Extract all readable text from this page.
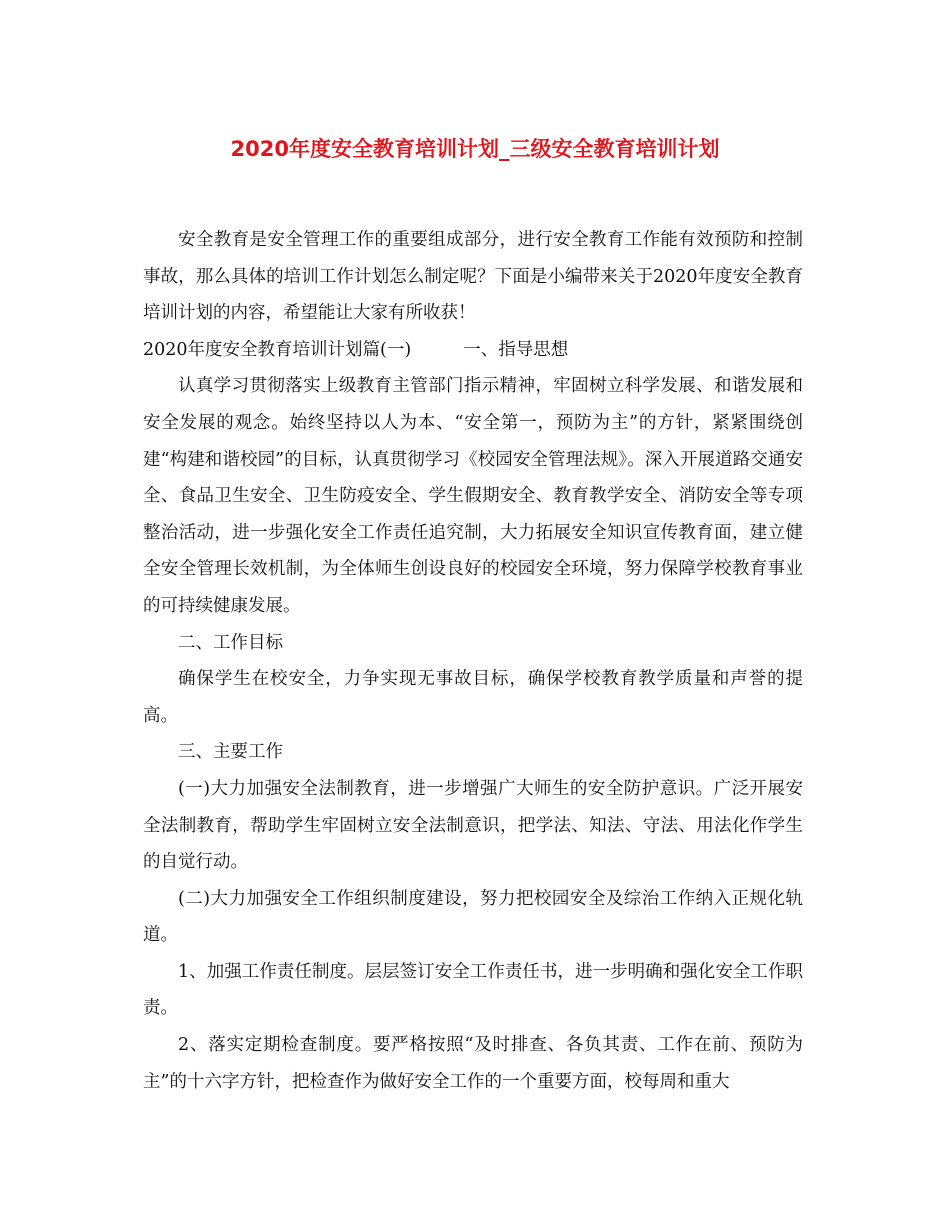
2020年度安全教育培训计划_三级安全教育培训计划

安全教育是安全管理工作的重要组成部分，进行安全教育工作能有效预防和控制事故，那么具体的培训工作计划怎么制定呢？下面是小编带来关于2020年度安全教育培训计划的内容，希望能让大家有所收获！

2020年度安全教育培训计划篇(一)	一、指导思想

认真学习贯彻落实上级教育主管部门指示精神，牢固树立科学发展、和谐发展和安全发展的观念。始终坚持以人为本、“安全第一，预防为主”的方针，紧紧围绕创建“构建和谐校园”的目标，认真贯彻学习《校园安全管理法规》。深入开展道路交通安全、食品卫生安全、卫生防疫安全、学生假期安全、教育教学安全、消防安全等专项整治活动，进一步强化安全工作责任追究制，大力拓展安全知识宣传教育面，建立健全安全管理长效机制，为全体师生创设良好的校园安全环境，努力保障学校教育事业的可持续健康发展。

二、工作目标

确保学生在校安全，力争实现无事故目标，确保学校教育教学质量和声誉的提高。

三、主要工作

(一)大力加强安全法制教育，进一步增强广大师生的安全防护意识。广泛开展安全法制教育，帮助学生牢固树立安全法制意识，把学法、知法、守法、用法化作学生的自觉行动。

(二)大力加强安全工作组织制度建设，努力把校园安全及综治工作纳入正规化轨道。

1、加强工作责任制度。层层签订安全工作责任书，进一步明确和强化安全工作职责。

2、落实定期检查制度。要严格按照“及时排查、各负其责、工作在前、预防为主”的十六字方针，把检查作为做好安全工作的一个重要方面，校每周和重大
